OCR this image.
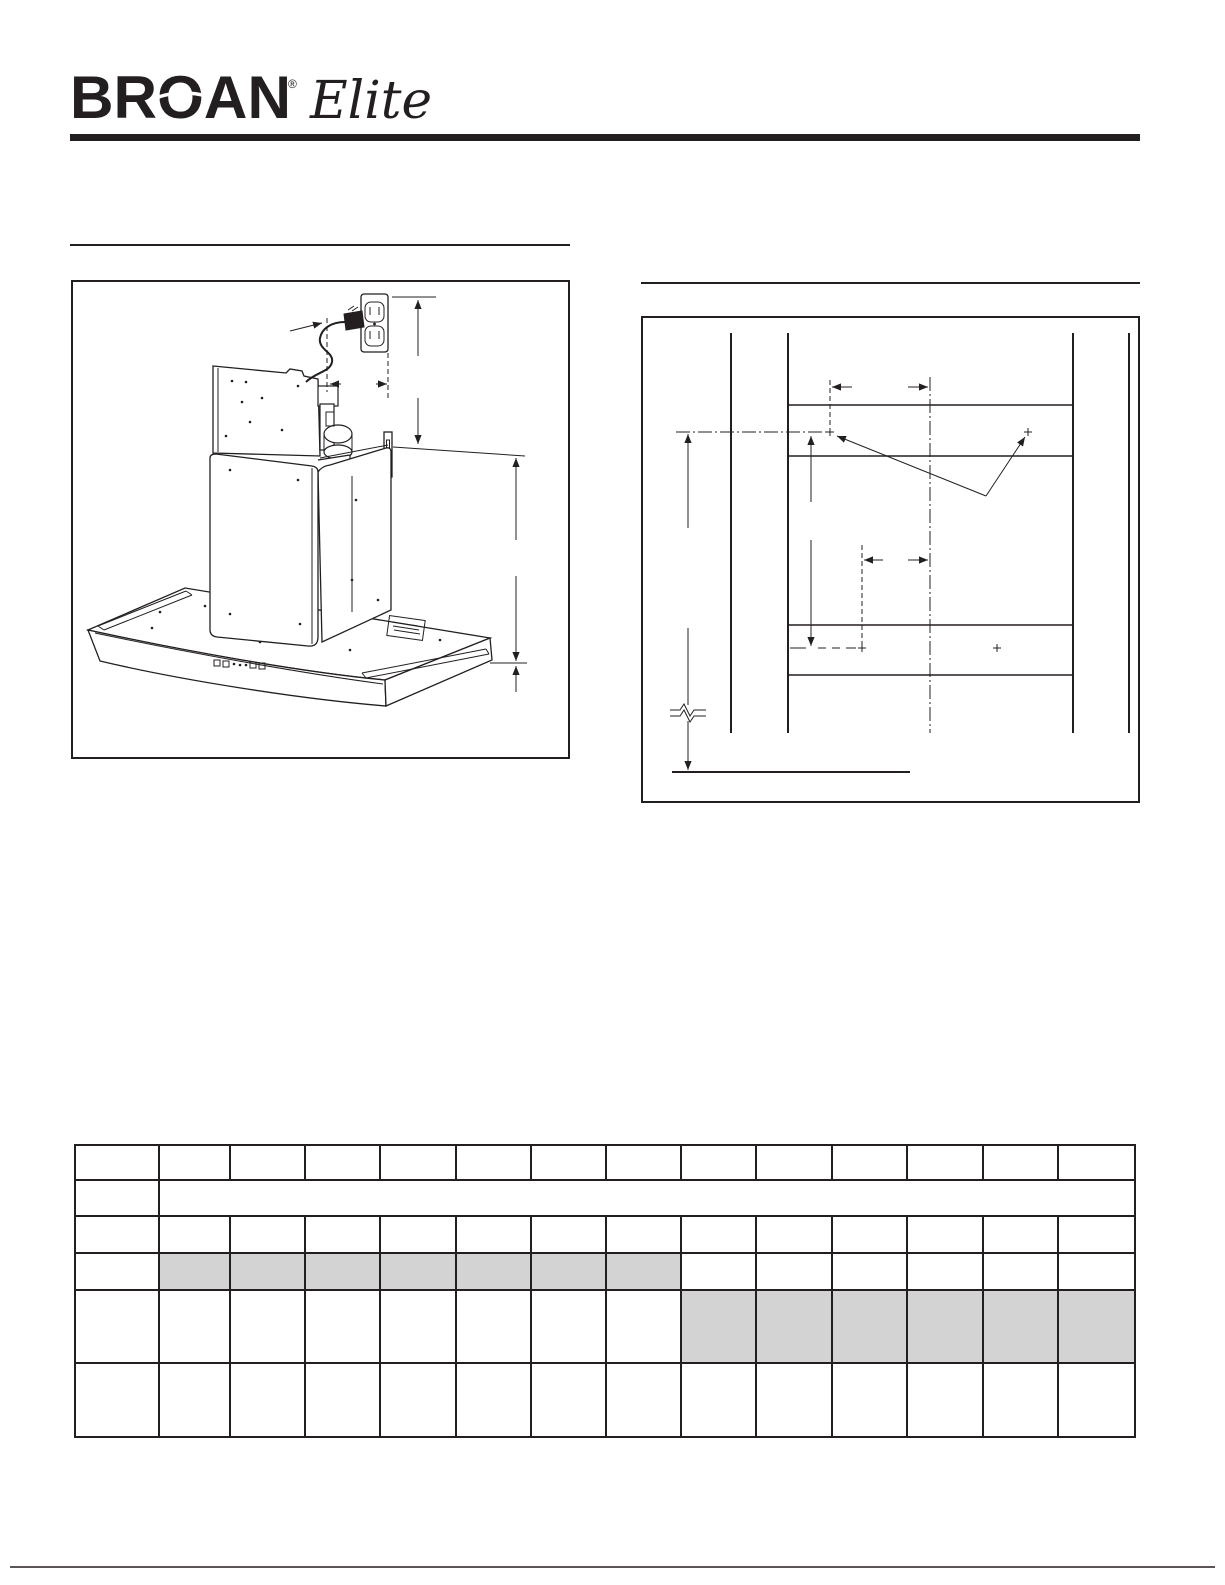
BROAN
® Elite
